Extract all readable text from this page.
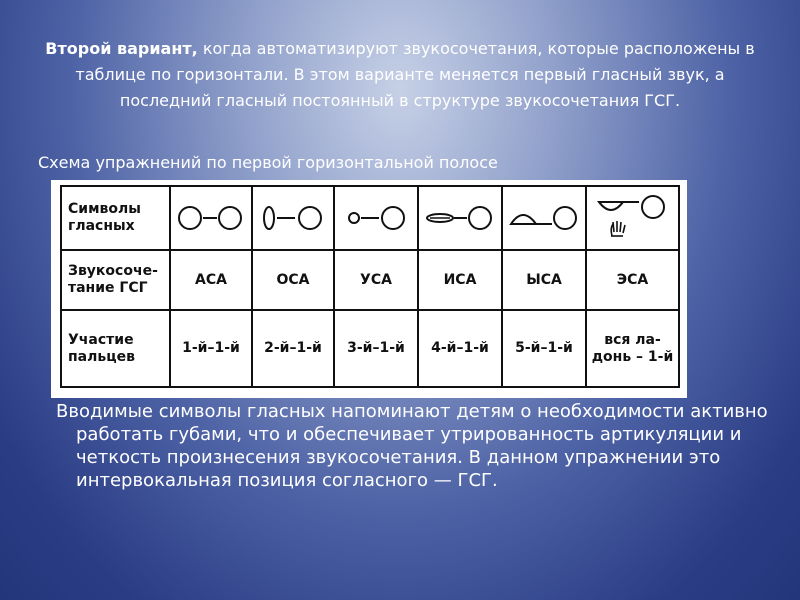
Второй вариант, когда автоматизируют звукосочетания, которые расположены в таблице по горизонтали. В этом варианте меняется первый гласный звук, а последний гласный постоянный в структуре звукосочетания ГСГ.

Схема упражнений по первой горизонтальной полосе

Символы гласных	

Звукосоче-тание ГСГ	АСА	ОСА	УСА	ИСА	ЫСА	ЭСА
Участие пальцев	1-й–1-й	2-й–1-й	3-й–1-й	4-й–1-й	5-й–1-й	вся ла-донь – 1-й

Вводимые символы гласных напоминают детям о необходимости активно работать губами, что и обеспечивает утрированность артикуляции и четкость произнесения звукосочетания. В данном упражнении это интервокальная позиция согласного — ГСГ.
